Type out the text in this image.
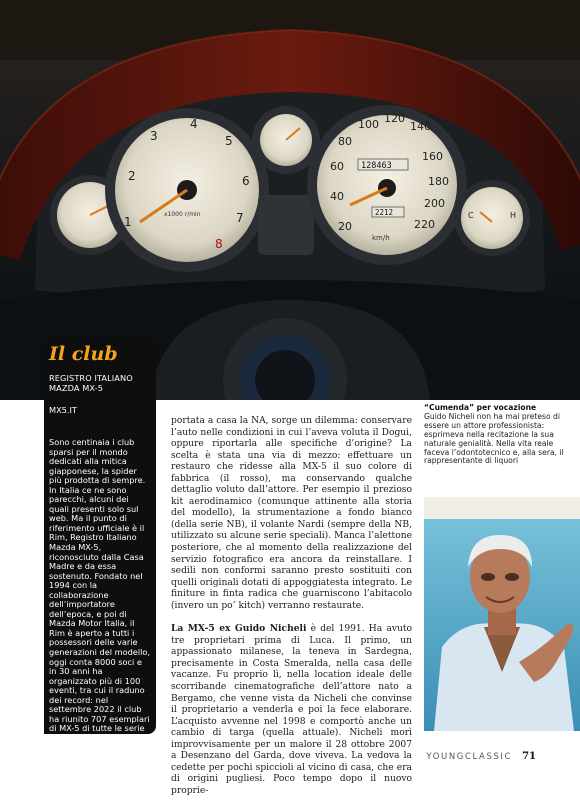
1
2
3
4
5
6
7
8
x1000 r/min
20
40
60
80
100 120
140
160
180
200
220
128463
2212
km/h
C	H
Il club
REGISTRO ITALIANO MAZDA MX-5
MX5.IT
Sono centinaia i club sparsi per il mondo dedicati alla mitica giapponese, la spider più prodotta di sempre. In Italia ce ne sono parecchi, alcuni dei quali presenti solo sul web. Ma il punto di riferimento ufficiale è il Rim, Registro Italiano Mazda MX-5, riconosciuto dalla Casa Madre e da essa sostenuto. Fondato nel 1994 con la collaborazione dell’importatore dell’epoca, e poi di Mazda Motor Italia, il Rim è aperto a tutti i possessori delle varie generazioni del modello, oggi conta 8000 soci e in 30 anni ha organizzato più di 100 eventi, tra cui il raduno dei record: nel settembre 2022 il club ha riunito 707 esemplari di MX-5 di tutte le serie sull’asfalto del Circuito di Modena: un risultato riconosciuto nel Guinness dei primati come la più numerosa riunione di vetture mai avvenuta al mondo.

portata a casa la NA, sorge un dilemma: conservare l’auto nelle condizioni in cui l’aveva voluta il Dogui, oppure riportarla alle specifiche d’origine? La scelta è stata una via di mezzo: effettuare un restauro che ridesse alla MX-5 il suo colore di fabbrica (il rosso), ma conservando qualche dettaglio voluto dall’attore. Per esempio il prezioso kit aerodinamico (comunque attinente alla storia del modello), la strumentazione a fondo bianco (della serie NB), il volante Nardi (sempre della NB, utilizzato su alcune serie speciali). Manca l’alettone posteriore, che al momento della realizzazione del servizio fotografico era ancora da reinstallare. I sedili non conformi saranno presto sostituiti con quelli originali dotati di appoggiatesta integrato. Le finiture in finta radica che guarniscono l’abitacolo (invero un po’ kitch) verranno restaurate.

La MX-5 ex Guido Nicheli è del 1991. Ha avuto tre proprietari prima di Luca. Il primo, un appassionato milanese, la teneva in Sardegna, precisamente in Costa Smeralda, nella casa delle vacanze. Fu proprio lì, nella location ideale delle scorribande cinematografiche dell’attore nato a Bergamo, che venne vista da Nicheli che convinse il proprietario a venderla e poi la fece elaborare. L’acquisto avvenne nel 1998 e comportò anche un cambio di targa (quella attuale). Nicheli morì improvvisamente per un malore il 28 ottobre 2007 a Desenzano del Garda, dove viveva. La vedova la cedette per pochi spiccioli al vicino di casa, che era di origini pugliesi. Poco tempo dopo il nuovo proprie-

“Cumenda” per vocazione
Guido Nicheli non ha mai preteso di essere un attore professionista: esprimeva nella recitazione la sua naturale genialità. Nella vita reale faceva l’odontotecnico e, alla sera, il rappresentante di liquori
YOUNGCLASSIC 71
